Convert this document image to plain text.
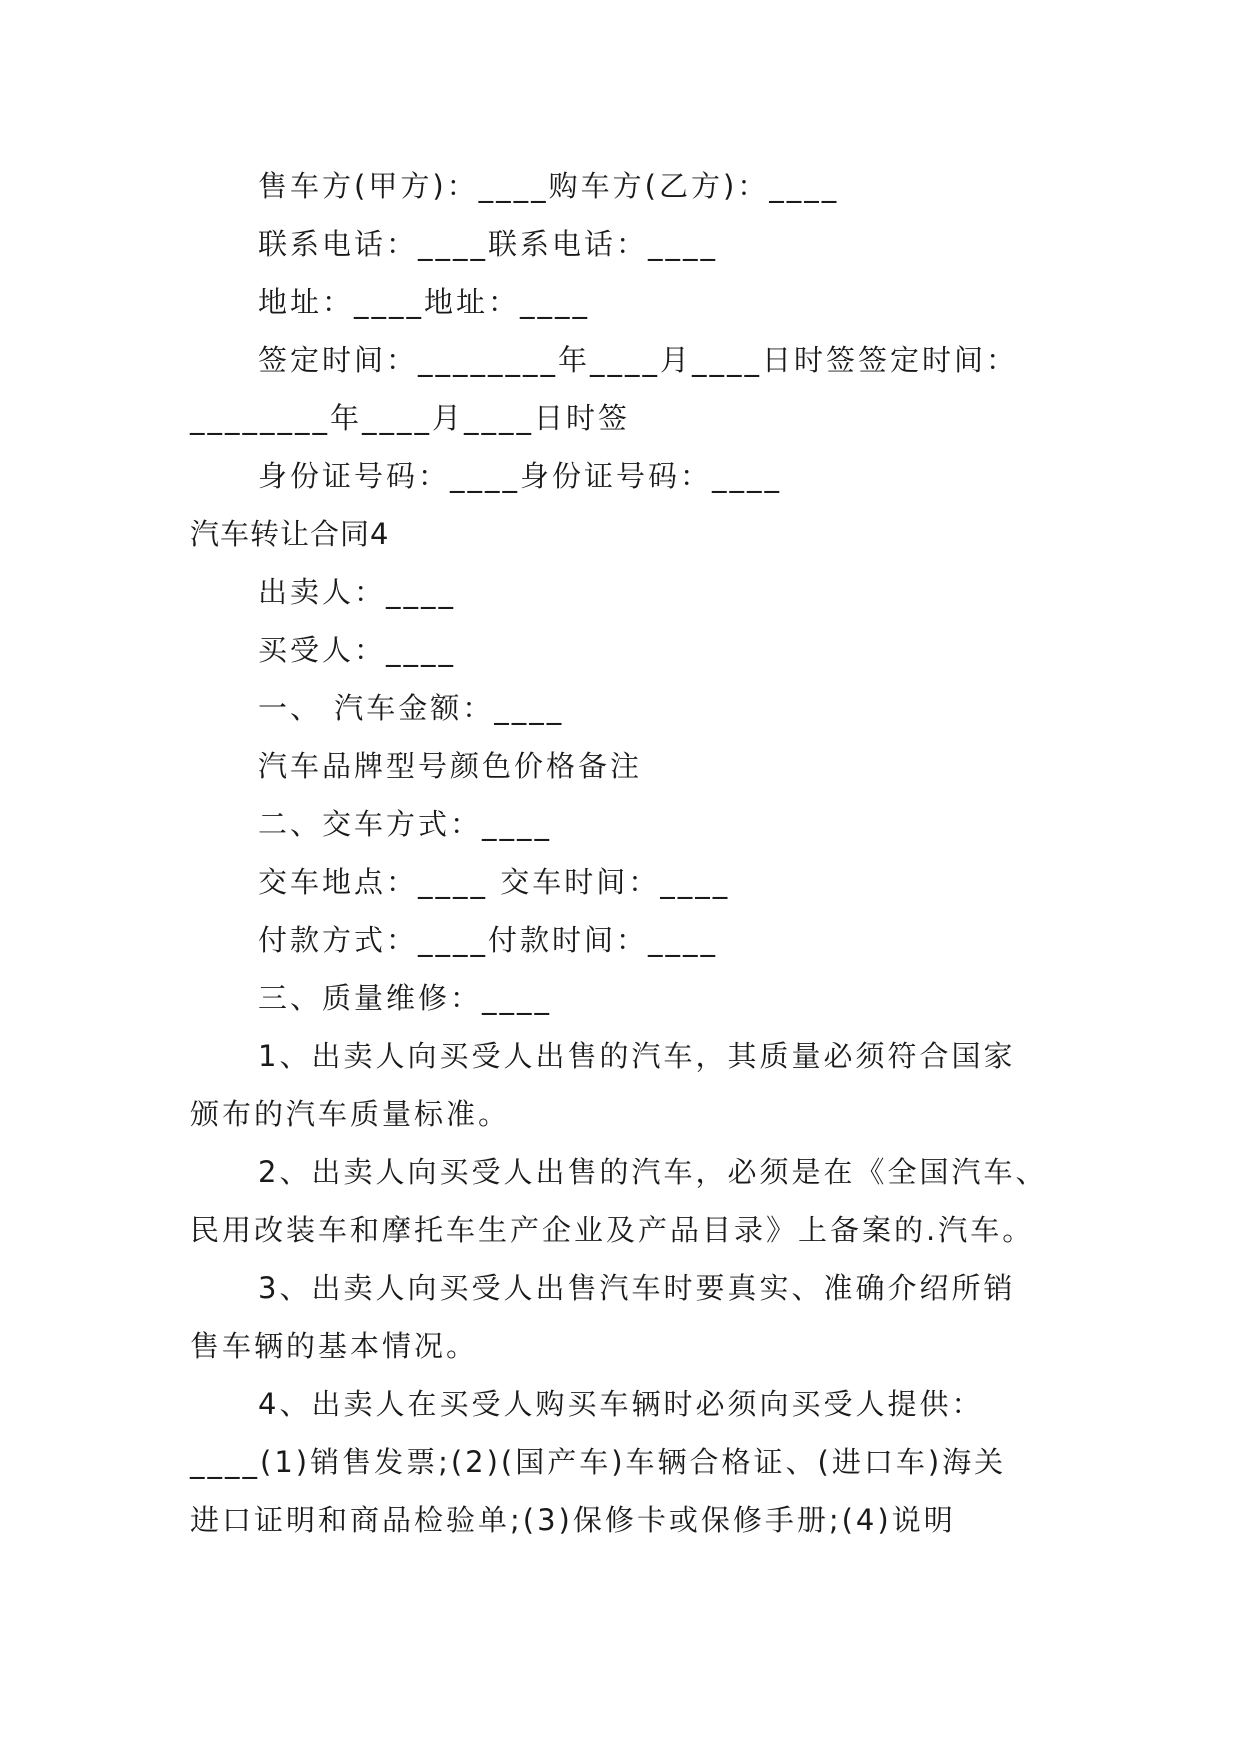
售车方(甲方)：____购车方(乙方)：____
联系电话：____联系电话：____
地址：____地址：____
签定时间：________年____月____日时签签定时间：
________年____月____日时签
身份证号码：____身份证号码：____
汽车转让合同4
出卖人：____
买受人：____
一、 汽车金额：____
汽车品牌型号颜色价格备注
二、交车方式：____
交车地点：____ 交车时间：____
付款方式：____付款时间：____
三、质量维修：____
1、出卖人向买受人出售的汽车，其质量必须符合国家
颁布的汽车质量标准。
2、出卖人向买受人出售的汽车，必须是在《全国汽车、
民用改装车和摩托车生产企业及产品目录》上备案的.汽车。
3、出卖人向买受人出售汽车时要真实、准确介绍所销
售车辆的基本情况。
4、出卖人在买受人购买车辆时必须向买受人提供：
____(1)销售发票;(2)(国产车)车辆合格证、(进口车)海关
进口证明和商品检验单;(3)保修卡或保修手册;(4)说明
